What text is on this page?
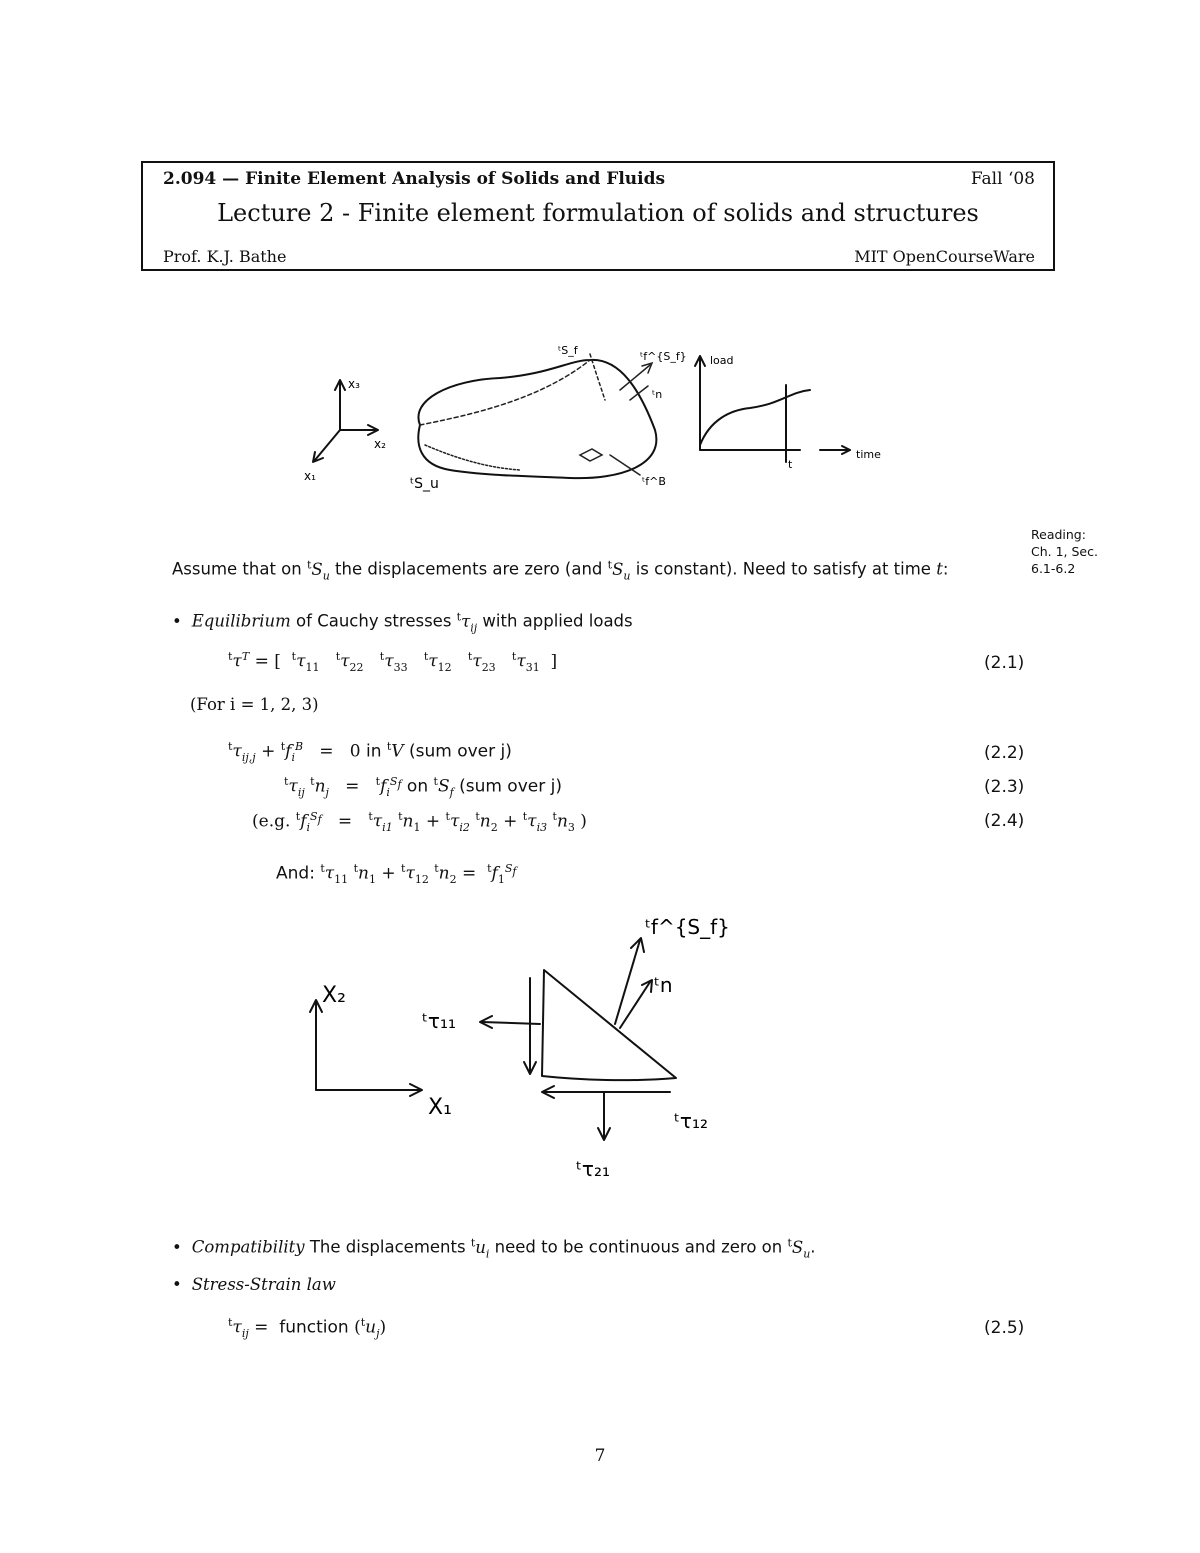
2.094 — Finite Element Analysis of Solids and Fluids	Fall ‘08
Lecture 2 - Finite element formulation of solids and structures
Prof. K.J. Bathe	MIT OpenCourseWare
x₃
x₂
x₁
ᵗS_f
ᵗS_u
ᵗf^{S_f}
ᵗn
ᵗf^B
load
time
t
Reading:
Ch. 1, Sec.
6.1-6.2
Assume that on $^tS_u$ the displacements are zero (and $^tS_u$ is constant). Need to satisfy at time t:
• Equilibrium of Cauchy stresses $^t\tau_{ij}$ with applied loads
$^t\tau^T$ = [  $^t\tau_{11}$   $^t\tau_{22}$   $^t\tau_{33}$   $^t\tau_{12}$   $^t\tau_{23}$   $^t\tau_{31}$  ]	(2.1)
(For i = 1, 2, 3)
$^t\tau_{ij,j} + ^tf_i^B = 0$ in $^t$V (sum over j)	(2.2)
$^t\tau_{ij}$ $^tn_j = ^tf_i^{S_f}$ on $^tS_f$ (sum over j)	(2.3)
(e.g. $^tf_i^{S_f} = ^t\tau_{i1}$ $^tn_1 + ^t\tau_{i2}$ $^tn_2 + ^t\tau_{i3}$ $^tn_3$ )	(2.4)
And: $^t\tau_{11}$ $^tn_1 + ^t\tau_{12}$ $^tn_2 = ^tf_1^{S_f}$
X₂
X₁
ᵗf^{S_f}
ᵗn
ᵗτ₁₁
ᵗτ₁₂
ᵗτ₂₁
• Compatibility The displacements $^tu_i$ need to be continuous and zero on $^tS_u$.
• Stress-Strain law
$^t\tau_{ij}$ =  function $(^tu_j)$	(2.5)
7
